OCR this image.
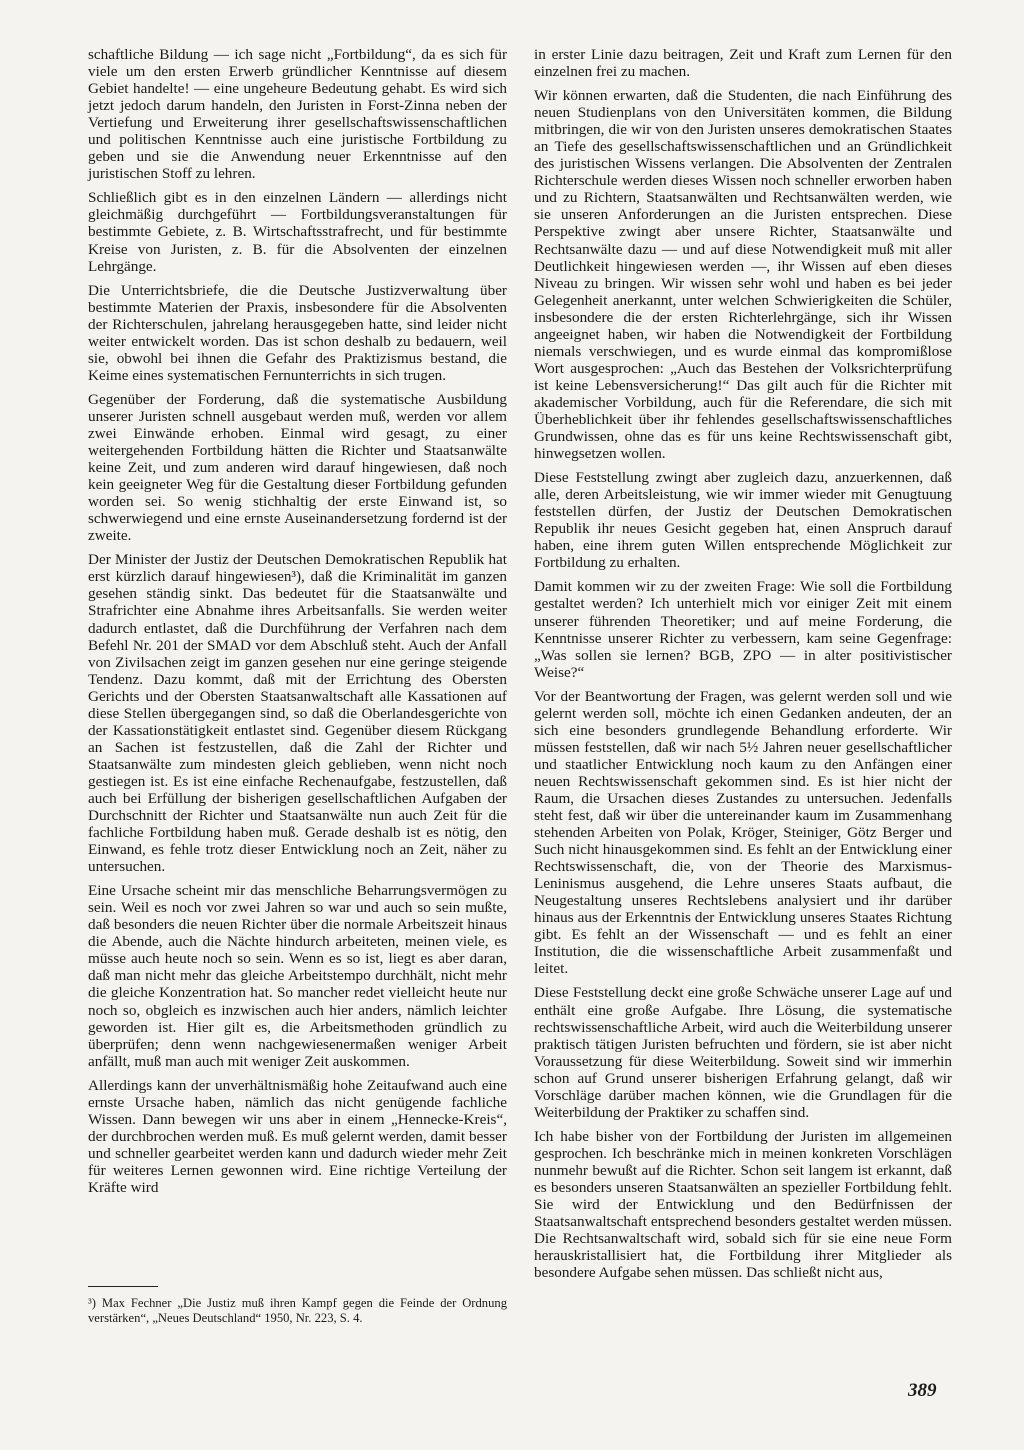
schaftliche Bildung — ich sage nicht „Fortbildung“, da es sich für viele um den ersten Erwerb gründlicher Kenntnisse auf diesem Gebiet handelte! — eine ungeheure Bedeutung gehabt. Es wird sich jetzt jedoch darum handeln, den Juristen in Forst-Zinna neben der Vertiefung und Erweiterung ihrer gesellschaftswissenschaftlichen und politischen Kenntnisse auch eine juristische Fortbildung zu geben und sie die Anwendung neuer Erkenntnisse auf den juristischen Stoff zu lehren.

Schließlich gibt es in den einzelnen Ländern — allerdings nicht gleichmäßig durchgeführt — Fortbildungsveranstaltungen für bestimmte Gebiete, z. B. Wirtschaftsstrafrecht, und für bestimmte Kreise von Juristen, z. B. für die Absolventen der einzelnen Lehrgänge.

Die Unterrichtsbriefe, die die Deutsche Justizverwaltung über bestimmte Materien der Praxis, insbesondere für die Absolventen der Richterschulen, jahrelang herausgegeben hatte, sind leider nicht weiter entwickelt worden. Das ist schon deshalb zu bedauern, weil sie, obwohl bei ihnen die Gefahr des Praktizismus bestand, die Keime eines systematischen Fernunterrichts in sich trugen.

Gegenüber der Forderung, daß die systematische Ausbildung unserer Juristen schnell ausgebaut werden muß, werden vor allem zwei Einwände erhoben. Einmal wird gesagt, zu einer weitergehenden Fortbildung hätten die Richter und Staatsanwälte keine Zeit, und zum anderen wird darauf hingewiesen, daß noch kein geeigneter Weg für die Gestaltung dieser Fortbildung gefunden worden sei. So wenig stichhaltig der erste Einwand ist, so schwerwiegend und eine ernste Auseinandersetzung fordernd ist der zweite.

Der Minister der Justiz der Deutschen Demokratischen Republik hat erst kürzlich darauf hingewiesen³), daß die Kriminalität im ganzen gesehen ständig sinkt. Das bedeutet für die Staatsanwälte und Strafrichter eine Abnahme ihres Arbeitsanfalls. Sie werden weiter dadurch entlastet, daß die Durchführung der Verfahren nach dem Befehl Nr. 201 der SMAD vor dem Abschluß steht. Auch der Anfall von Zivilsachen zeigt im ganzen gesehen nur eine geringe steigende Tendenz. Dazu kommt, daß mit der Errichtung des Obersten Gerichts und der Obersten Staatsanwaltschaft alle Kassationen auf diese Stellen übergegangen sind, so daß die Oberlandesgerichte von der Kassationstätigkeit entlastet sind. Gegenüber diesem Rückgang an Sachen ist festzustellen, daß die Zahl der Richter und Staatsanwälte zum mindesten gleich geblieben, wenn nicht noch gestiegen ist. Es ist eine einfache Rechenaufgabe, festzustellen, daß auch bei Erfüllung der bisherigen gesellschaftlichen Aufgaben der Durchschnitt der Richter und Staatsanwälte nun auch Zeit für die fachliche Fortbildung haben muß. Gerade deshalb ist es nötig, den Einwand, es fehle trotz dieser Entwicklung noch an Zeit, näher zu untersuchen.

Eine Ursache scheint mir das menschliche Beharrungsvermögen zu sein. Weil es noch vor zwei Jahren so war und auch so sein mußte, daß besonders die neuen Richter über die normale Arbeitszeit hinaus die Abende, auch die Nächte hindurch arbeiteten, meinen viele, es müsse auch heute noch so sein. Wenn es so ist, liegt es aber daran, daß man nicht mehr das gleiche Arbeitstempo durchhält, nicht mehr die gleiche Konzentration hat. So mancher redet vielleicht heute nur noch so, obgleich es inzwischen auch hier anders, nämlich leichter geworden ist. Hier gilt es, die Arbeitsmethoden gründlich zu überprüfen; denn wenn nachgewiesenermaßen weniger Arbeit anfällt, muß man auch mit weniger Zeit auskommen.

Allerdings kann der unverhältnismäßig hohe Zeitaufwand auch eine ernste Ursache haben, nämlich das nicht genügende fachliche Wissen. Dann bewegen wir uns aber in einem „Hennecke-Kreis“, der durchbrochen werden muß. Es muß gelernt werden, damit besser und schneller gearbeitet werden kann und dadurch wieder mehr Zeit für weiteres Lernen gewonnen wird. Eine richtige Verteilung der Kräfte wird

in erster Linie dazu beitragen, Zeit und Kraft zum Lernen für den einzelnen frei zu machen.

Wir können erwarten, daß die Studenten, die nach Einführung des neuen Studienplans von den Universitäten kommen, die Bildung mitbringen, die wir von den Juristen unseres demokratischen Staates an Tiefe des gesellschaftswissenschaftlichen und an Gründlichkeit des juristischen Wissens verlangen. Die Absolventen der Zentralen Richterschule werden dieses Wissen noch schneller erworben haben und zu Richtern, Staatsanwälten und Rechtsanwälten werden, wie sie unseren Anforderungen an die Juristen entsprechen. Diese Perspektive zwingt aber unsere Richter, Staatsanwälte und Rechtsanwälte dazu — und auf diese Notwendigkeit muß mit aller Deutlichkeit hingewiesen werden —, ihr Wissen auf eben dieses Niveau zu bringen. Wir wissen sehr wohl und haben es bei jeder Gelegenheit anerkannt, unter welchen Schwierigkeiten die Schüler, insbesondere die der ersten Richterlehrgänge, sich ihr Wissen angeeignet haben, wir haben die Notwendigkeit der Fortbildung niemals verschwiegen, und es wurde einmal das kompromißlose Wort ausgesprochen: „Auch das Bestehen der Volksrichterprüfung ist keine Lebensversicherung!“ Das gilt auch für die Richter mit akademischer Vorbildung, auch für die Referendare, die sich mit Überheblichkeit über ihr fehlendes gesellschaftswissenschaftliches Grundwissen, ohne das es für uns keine Rechtswissenschaft gibt, hinwegsetzen wollen.

Diese Feststellung zwingt aber zugleich dazu, anzuerkennen, daß alle, deren Arbeitsleistung, wie wir immer wieder mit Genugtuung feststellen dürfen, der Justiz der Deutschen Demokratischen Republik ihr neues Gesicht gegeben hat, einen Anspruch darauf haben, eine ihrem guten Willen entsprechende Möglichkeit zur Fortbildung zu erhalten.

Damit kommen wir zu der zweiten Frage: Wie soll die Fortbildung gestaltet werden? Ich unterhielt mich vor einiger Zeit mit einem unserer führenden Theoretiker; und auf meine Forderung, die Kenntnisse unserer Richter zu verbessern, kam seine Gegenfrage: „Was sollen sie lernen? BGB, ZPO — in alter positivistischer Weise?“

Vor der Beantwortung der Fragen, was gelernt werden soll und wie gelernt werden soll, möchte ich einen Gedanken andeuten, der an sich eine besonders grundlegende Behandlung erforderte. Wir müssen feststellen, daß wir nach 5½ Jahren neuer gesellschaftlicher und staatlicher Entwicklung noch kaum zu den Anfängen einer neuen Rechtswissenschaft gekommen sind. Es ist hier nicht der Raum, die Ursachen dieses Zustandes zu untersuchen. Jedenfalls steht fest, daß wir über die untereinander kaum im Zusammenhang stehenden Arbeiten von Polak, Kröger, Steiniger, Götz Berger und Such nicht hinausgekommen sind. Es fehlt an der Entwicklung einer Rechtswissenschaft, die, von der Theorie des Marxismus-Leninismus ausgehend, die Lehre unseres Staats aufbaut, die Neugestaltung unseres Rechtslebens analysiert und ihr darüber hinaus aus der Erkenntnis der Entwicklung unseres Staates Richtung gibt. Es fehlt an der Wissenschaft — und es fehlt an einer Institution, die die wissenschaftliche Arbeit zusammenfaßt und leitet.

Diese Feststellung deckt eine große Schwäche unserer Lage auf und enthält eine große Aufgabe. Ihre Lösung, die systematische rechtswissenschaftliche Arbeit, wird auch die Weiterbildung unserer praktisch tätigen Juristen befruchten und fördern, sie ist aber nicht Voraussetzung für diese Weiterbildung. Soweit sind wir immerhin schon auf Grund unserer bisherigen Erfahrung gelangt, daß wir Vorschläge darüber machen können, wie die Grundlagen für die Weiterbildung der Praktiker zu schaffen sind.

Ich habe bisher von der Fortbildung der Juristen im allgemeinen gesprochen. Ich beschränke mich in meinen konkreten Vorschlägen nunmehr bewußt auf die Richter. Schon seit langem ist erkannt, daß es besonders unseren Staatsanwälten an spezieller Fortbildung fehlt. Sie wird der Entwicklung und den Bedürfnissen der Staatsanwaltschaft entsprechend besonders gestaltet werden müssen. Die Rechtsanwaltschaft wird, sobald sich für sie eine neue Form herauskristallisiert hat, die Fortbildung ihrer Mitglieder als besondere Aufgabe sehen müssen. Das schließt nicht aus,

³) Max Fechner „Die Justiz muß ihren Kampf gegen die Feinde der Ordnung verstärken“, „Neues Deutschland“ 1950, Nr. 223, S. 4.
389
